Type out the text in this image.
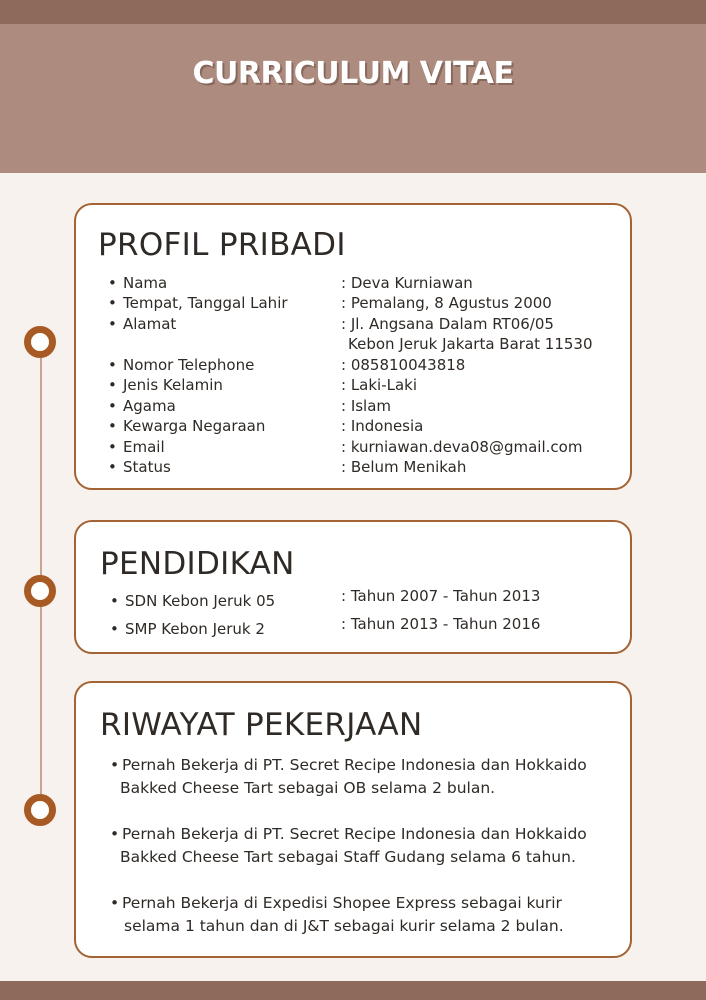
CURRICULUM VITAE
PROFIL PRIBADI
• Nama	: Deva Kurniawan
• Tempat, Tanggal Lahir	: Pemalang, 8 Agustus 2000
• Alamat	: Jl. Angsana Dalam RT06/05
Kebon Jeruk Jakarta Barat 11530
• Nomor Telephone	: 085810043818
• Jenis Kelamin	: Laki-Laki
• Agama	: Islam
• Kewarga Negaraan	: Indonesia
• Email	: kurniawan.deva08@gmail.com
• Status	: Belum Menikah
PENDIDIKAN
• SDN Kebon Jeruk 05	: Tahun 2007 - Tahun 2013
• SMP Kebon Jeruk 2	: Tahun 2013 - Tahun 2016
RIWAYAT PEKERJAAN
• Pernah Bekerja di PT. Secret Recipe Indonesia dan Hokkaido
Bakked Cheese Tart sebagai OB selama 2 bulan.
• Pernah Bekerja di PT. Secret Recipe Indonesia dan Hokkaido
Bakked Cheese Tart sebagai Staff Gudang selama 6 tahun.
• Pernah Bekerja di Expedisi Shopee Express sebagai kurir
selama 1 tahun dan di J&T sebagai kurir selama 2 bulan.
